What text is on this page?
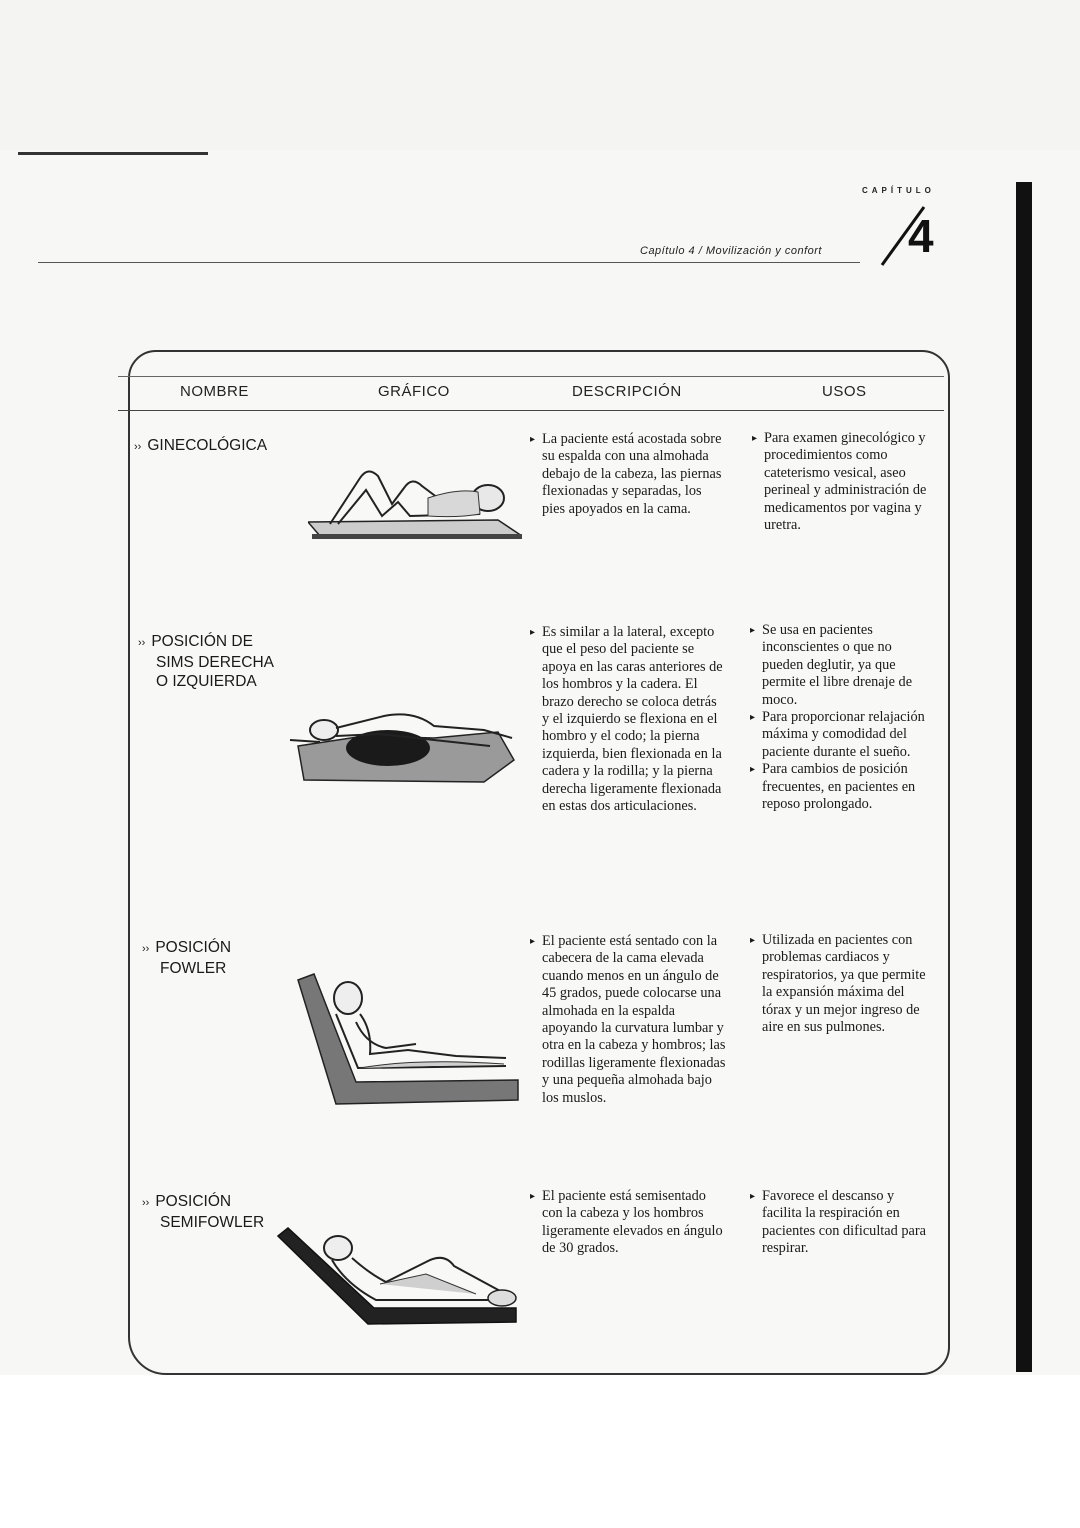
CAPÍTULO
Capítulo 4 / Movilización y confort 4
NOMBRE	GRÁFICO	DESCRIPCIÓN	USOS
›› GINECOLÓGICA
▸	La paciente está acostada sobre su espalda con una almohada debajo de la cabeza, las piernas flexionadas y separadas, los pies apoyados en la cama.
▸ Para examen ginecológico y procedimientos como cateterismo vesical, aseo perineal y administración de medicamentos por vagina y uretra.
›› POSICIÓN DE
SIMS DERECHA
O IZQUIERDA
▸ Es similar a la lateral, excepto que el peso del paciente se apoya en las caras anteriores de los hombros y la cadera. El brazo derecho se coloca detrás y el izquierdo se flexiona en el hombro y el codo; la pierna izquierda, bien flexionada en la cadera y la rodilla; y la pierna derecha ligeramente flexionada en estas dos articulaciones.
▸ Se usa en pacientes inconscientes o que no pueden deglutir, ya que permite el libre drenaje de moco.
▸ Para proporcionar relajación máxima y comodidad del paciente durante el sueño.
▸ Para cambios de posición frecuentes, en pacientes en reposo prolongado.
›› POSICIÓN
FOWLER
▸ El paciente está sentado con la cabecera de la cama elevada cuando menos en un ángulo de 45 grados, puede colocarse una almohada en la espalda apoyando la curvatura lumbar y otra en la cabeza y hombros; las rodillas ligeramente flexionadas y una pequeña almohada bajo los muslos.
▸ Utilizada en pacientes con problemas cardiacos y respiratorios, ya que permite la expansión máxima del tórax y un mejor ingreso de aire en sus pulmones.
›› POSICIÓN
SEMIFOWLER
▸ El paciente está semisentado con la cabeza y los hombros ligeramente elevados en ángulo de 30 grados.
▸ Favorece el descanso y facilita la respiración en pacientes con dificultad para respirar.
